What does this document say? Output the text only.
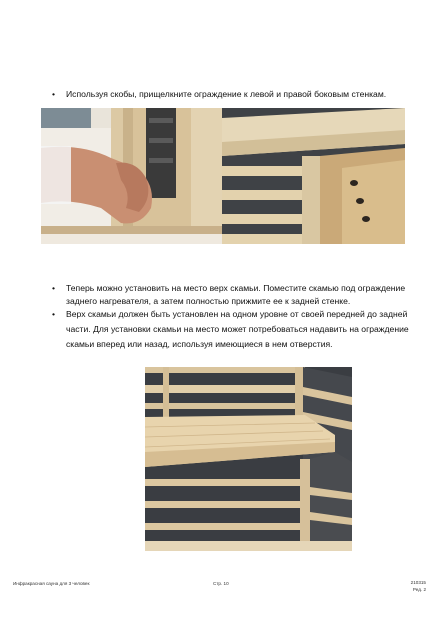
• Используя скобы, прищелкните ограждение к левой и правой боковым стенкам.
• Теперь можно установить на место верх скамьи. Поместите скамью под ограждение
заднего нагревателя, а затем полностью прижмите ее к задней стенке.
• Верх скамьи должен быть установлен на одном уровне от своей передней до задней
части. Для установки скамьи на место может потребоваться надавить на ограждение
скамьи вперед или назад, используя имеющиеся в нем отверстия.
Инфракрасная сауна для 3 человек	Стр. 10	210315
Ред. 2
